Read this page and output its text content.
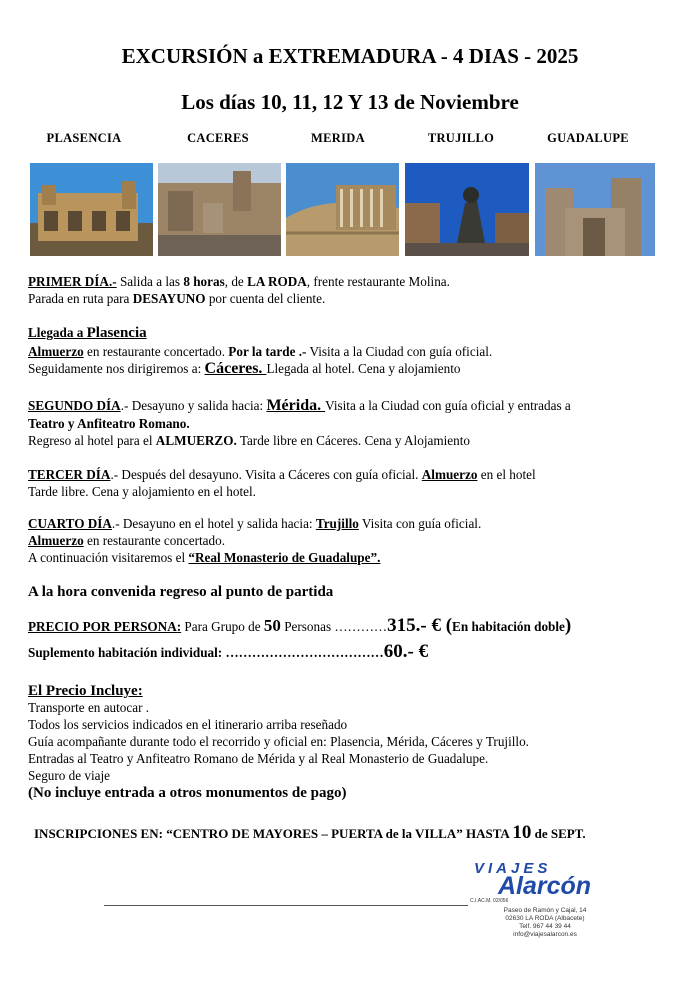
EXCURSIÓN a EXTREMADURA - 4 DIAS - 2025
Los días 10, 11, 12 Y 13 de Noviembre
PLASENCIA	CACERES	MERIDA	TRUJILLO	GUADALUPE
PRIMER DÍA.- Salida a las 8 horas, de LA RODA, frente restaurante Molina.
Parada en ruta para DESAYUNO por cuenta del cliente.
Llegada a Plasencia
Almuerzo en restaurante concertado. Por la tarde .- Visita a la Ciudad con guía oficial.
Seguidamente nos dirigiremos a: Cáceres. Llegada al hotel. Cena y alojamiento
SEGUNDO DÍA.- Desayuno y salida hacia: Mérida. Visita a la Ciudad con guía oficial y entradas a
Teatro y Anfiteatro Romano.
Regreso al hotel para el ALMUERZO. Tarde libre en Cáceres. Cena y Alojamiento
TERCER DÍA.- Después del desayuno. Visita a Cáceres con guía oficial. Almuerzo en el hotel
Tarde libre. Cena y alojamiento en el hotel.
CUARTO DÍA.- Desayuno en el hotel y salida hacia: Trujillo Visita con guía oficial.
Almuerzo en restaurante concertado.
A continuación visitaremos el “Real Monasterio de Guadalupe”.
A la hora convenida regreso al punto de partida
PRECIO POR PERSONA: Para Grupo de 50 Personas …………315.- € (En habitación doble)
Suplemento habitación individual: ………………………………60.- €
El Precio Incluye:
Transporte en autocar .
Todos los servicios indicados en el itinerario arriba reseñado
Guía acompañante durante todo el recorrido y oficial en: Plasencia, Mérida, Cáceres y Trujillo.
Entradas al Teatro y Anfiteatro Romano de Mérida y al Real Monasterio de Guadalupe.
Seguro de viaje
(No incluye entrada a otros monumentos de pago)
INSCRIPCIONES EN: “CENTRO DE MAYORES – PUERTA de la VILLA” HASTA 10 de SEPT.
VIAJES
Alarcón
C.I.AC.M. 02/056
Paseo de Ramón y Cajal, 14
02630 LA RODA (Albacete)
Telf. 967 44 39 44
info@viajesalarcon.es
